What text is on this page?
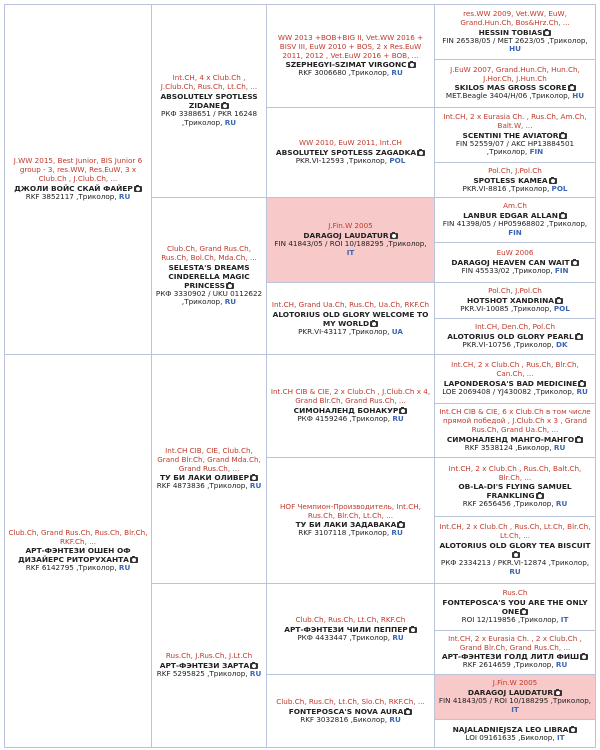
J.WW 2015, Best Junior, BIS Junior 6 group - 3, res.WW, Res.EuW, 3 x Club.Ch , J.Club.Ch, ...
ДЖОЛИ ВОЙС СКАЙ ФАЙЕР
RKF 3852117 ,Триколор, RU
Club.Ch, Grand Rus.Ch, Rus.Ch, Blr.Ch, RKF.Ch, ...
АРТ-ФЭНТЕЗИ ОШЕН ОФ ДИЗАЙЕРС РИТОРУХАНТА
RKF 6142795 ,Триколор, RU
Int.CH, 4 x Club.Ch , J.Club.Ch, Rus.Ch, Lt.Ch, ...
ABSOLUTELY SPOTLESS ZIDANE
РКФ 3388651 / PKR 16248 ,Триколор, RU
Club.Ch, Grand Rus.Ch, Rus.Ch, Bol.Ch, Mda.Ch, ...
SELESTA'S DREAMS CINDERELLA MAGIC PRINCESS
РКФ 3330902 / UKU 0112622 ,Триколор, RU
Int.CH CIB, CIE, Club.Ch, Grand Blr.Ch, Grand Mda.Ch, Grand Rus.Ch, ...
ТУ БИ ЛАКИ ОЛИВЕР
RKF 4873836 ,Триколор, RU
Rus.Ch, J.Rus.Ch, J.Lt.Ch
АРТ-ФЭНТЕЗИ ЗАРТА
RKF 5295825 ,Триколор, RU
WW 2013 +BOB+BIG II, Vet.WW 2016 + BISV III, EuW 2010 + BOS, 2 x Res.EuW 2011, 2012 , Vet.EuW 2016 + BOB, ...
SZEPHEGYI-SZIMAT VIRGONC
RKF 3006680 ,Триколор, RU
WW 2010, EuW 2011, Int.CH
ABSOLUTELY SPOTLESS ZAGADKA
PKR.VI-12593 ,Триколор, POL
J.Fin.W 2005
DARAGOJ LAUDATUR
FIN 41843/05 / ROI 10/188295 ,Триколор, IT
Int.CH, Grand Ua.Ch, Rus.Ch, Ua.Ch, RKF.Ch
ALOTORIUS OLD GLORY WELCOME TO MY WORLD
PKR.VI-43117 ,Триколор, UA
Int.CH CIB & CIE, 2 x Club.Ch , J.Club.Ch x 4, Grand Blr.Ch, Grand Rus.Ch, ...
СИМОНАЛЕНД БОНАКУР
РКФ 4159246 ,Триколор, RU
HOF Чемпион-Производитель, Int.CH, Rus.Ch, Blr.Ch, Lt.Ch, ...
ТУ БИ ЛАКИ ЗАДАВАКА
RKF 3107118 ,Триколор, RU
Club.Ch, Rus.Ch, Lt.Ch, RKF.Ch
АРТ-ФЭНТЕЗИ ЧИЛИ ПЕППЕР
РКФ 4433447 ,Триколор, RU
Club.Ch, Rus.Ch, Lt.Ch, Slo.Ch, RKF.Ch, ...
FONTEPOSCA'S NOVA AURA
RKF 3032816 ,Биколор, RU
res.WW 2009, Vet.WW, EuW, Grand.Hun.Ch, Bos&Hrz.Ch, ...
HESSIN TOBIAS
FIN 26538/05 / MET 2623/05 ,Триколор, HU
J.EuW 2007, Grand.Hun.Ch, Hun.Ch, J.Hor.Ch, J.Hun.Ch
SKILOS MAS GROSS SCORE
MET.Beagle 3404/H/06 ,Триколор, HU
Int.CH, 2 x Eurasia Ch. , Rus.Ch, Am.Ch, Balt.W, ...
SCENTINI THE AVIATOR
FIN 52559/07 / AKC HP13884501 ,Триколор, FIN
Pol.Ch, J.Pol.Ch
SPOTLESS KAMEA
PKR.VI-8816 ,Триколор, POL
Am.Ch
LANBUR EDGAR ALLAN
FIN 41398/05 / HP05968802 ,Триколор, FIN
EuW 2006
DARAGOJ HEAVEN CAN WAIT
FIN 45533/02 ,Триколор, FIN
Pol.Ch, J.Pol.Ch
HOTSHOT XANDRINA
PKR.VI-10085 ,Триколор, POL
Int.CH, Den.Ch, Pol.Ch
ALOTORIUS OLD GLORY PEARL
PKR.VI-10756 ,Триколор, DK
Int.CH, 2 x Club.Ch , Rus.Ch, Blr.Ch, Can.Ch, ...
LAPONDEROSA'S BAD MEDICINE
LOE 2069408 / YJ430082 ,Триколор, RU
Int.CH CIB & CIE, 6 x Club.Ch в том числе прямой победой , J.Club.Ch x 3 , Grand Rus.Ch, Grand Ua.Ch, ...
СИМОНАЛЕНД МАНГО-МАНГО
RKF 3538124 ,Биколор, RU
Int.CH, 2 x Club.Ch , Rus.Ch, Balt.Ch, Blr.Ch, ...
OB-LA-DI'S FLYING SAMUEL FRANKLING
RKF 2656456 ,Триколор, RU
Int.CH, 2 x Club.Ch , Rus.Ch, Lt.Ch, Blr.Ch, Lt.Ch, ...
ALOTORIUS OLD GLORY TEA BISCUIT
РКФ 2334213 / PKR.VI-12874 ,Триколор, RU
Rus.Ch
FONTEPOSCA'S YOU ARE THE ONLY ONE
ROI 12/119856 ,Триколор, IT
Int.CH, 2 x Eurasia Ch. , 2 x Club.Ch , Grand Blr.Ch, Grand Rus.Ch, ...
АРТ-ФЭНТЕЗИ ГОЛД ЛИТЛ ФИШ
RKF 2614659 ,Триколор, RU
J.Fin.W 2005
DARAGOJ LAUDATUR
FIN 41843/05 / ROI 10/188295 ,Триколор, IT
NAJALADNIEJSZA LEO LIBRA
LOI 09161635 ,Биколор, IT
